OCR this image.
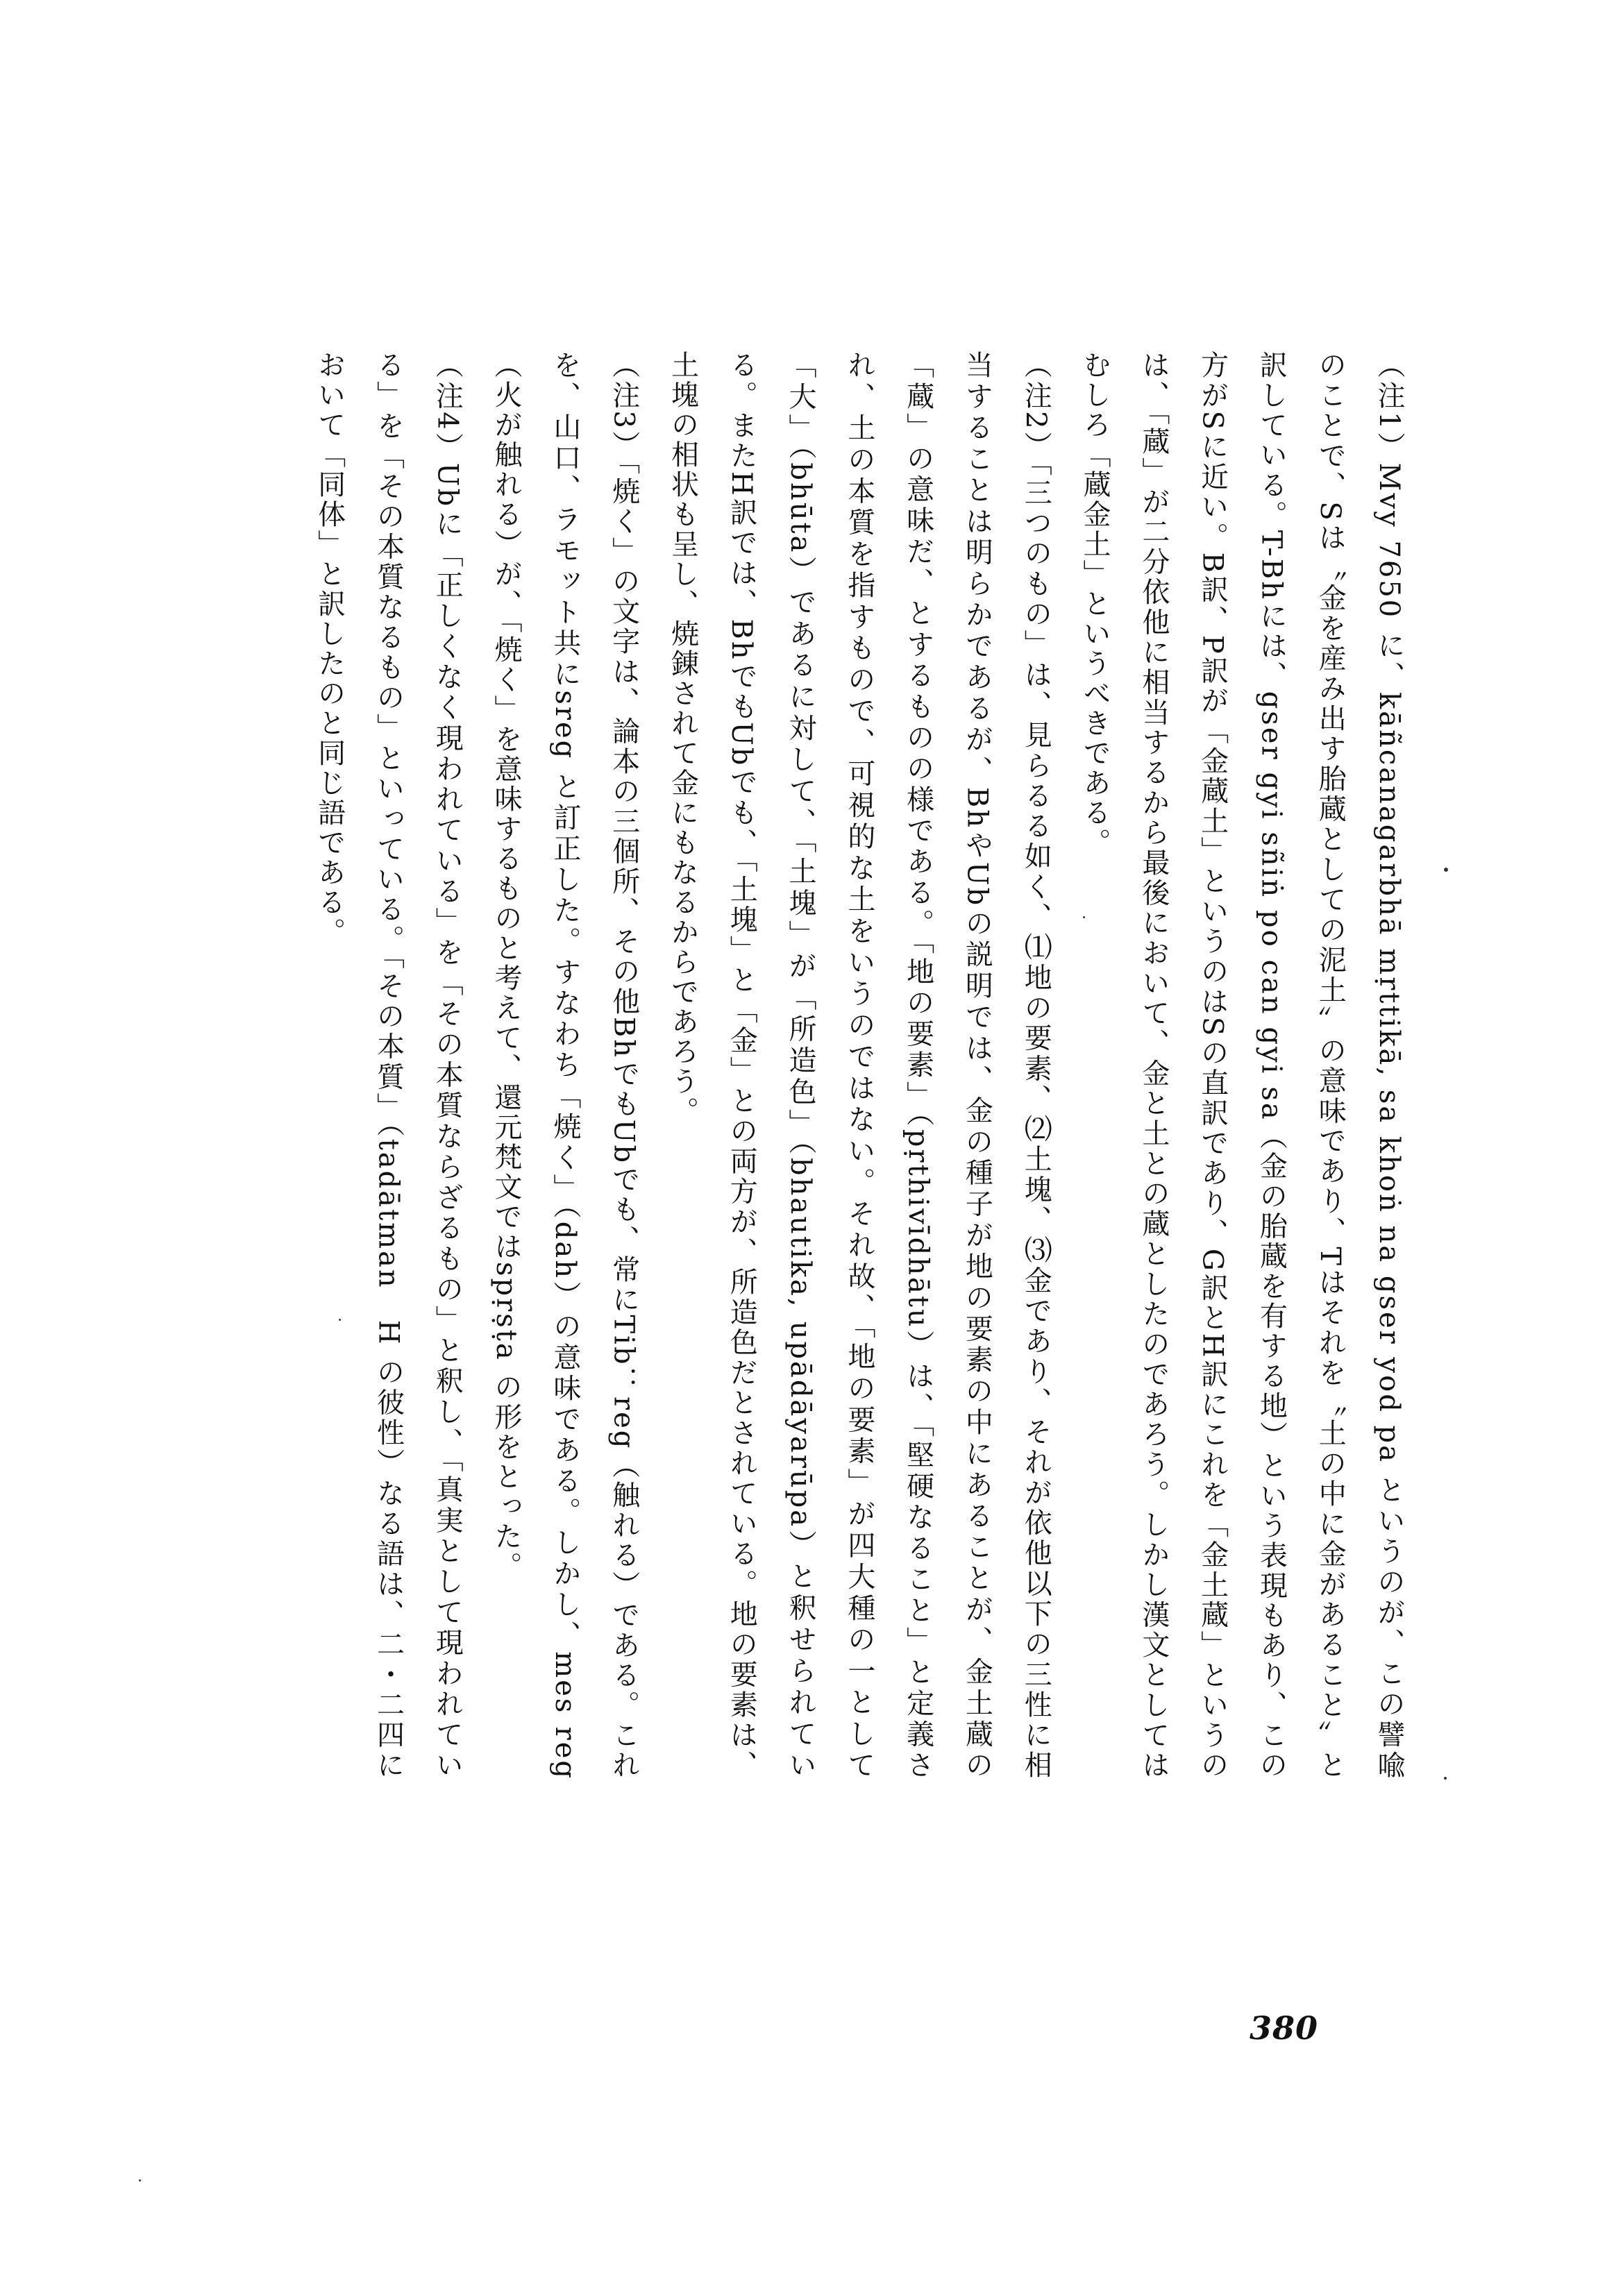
（注1）Mvy 7650 に、kāñcanagarbhā mṛttikā, sa khoṅ na gser yod pa というのが、この譬喩のことで、Sは〝金を産み出す胎蔵としての泥土〟の意味であり、Tはそれを〝土の中に金があること〟と訳している。T-Bhには、gser gyi sñiṅ po can gyi sa（金の胎蔵を有する地）という表現もあり、この方がSに近い。B訳、P訳が「金蔵土」というのはSの直訳であり、G訳とH訳にこれを「金土蔵」というのは、「蔵」が二分依他に相当するから最後において、金と土との蔵としたのであろう。しかし漢文としてはむしろ「蔵金土」というべきである。

（注2）「三つのもの」は、見らるる如く、⑴地の要素、⑵土塊、⑶金であり、それが依他以下の三性に相当することは明らかであるが、BhやUbの説明では、金の種子が地の要素の中にあることが、金土蔵の「蔵」の意味だ、とするものの様である。「地の要素」（pṛthivīdhātu）は、「堅硬なること」と定義され、土の本質を指すもので、可視的な土をいうのではない。それ故、「地の要素」が四大種の一として「大」（bhūta）であるに対して、「土塊」が「所造色」（bhautika, upādāyarūpa）と釈せられている。またH訳では、BhでもUbでも、「土塊」と「金」との両方が、所造色だとされている。地の要素は、土塊の相状も呈し、焼錬されて金にもなるからであろう。

（注3）「焼く」の文字は、論本の三個所、その他BhでもUbでも、常にTib：reg（触れる）である。これを、山口、ラモット共にsreg と訂正した。すなわち「焼く」（dah）の意味である。しかし、mes reg（火が触れる）が、「焼く」を意味するものと考えて、還元梵文ではspṛṣṭa の形をとった。

（注4）Ubに「正しくなく現われている」を「その本質ならざるもの」と釈し、「真実として現われている」を「その本質なるもの」といっている。「その本質」（tadātman　H の彼性）なる語は、二・二四において「同体」と訳したのと同じ語である。

380
